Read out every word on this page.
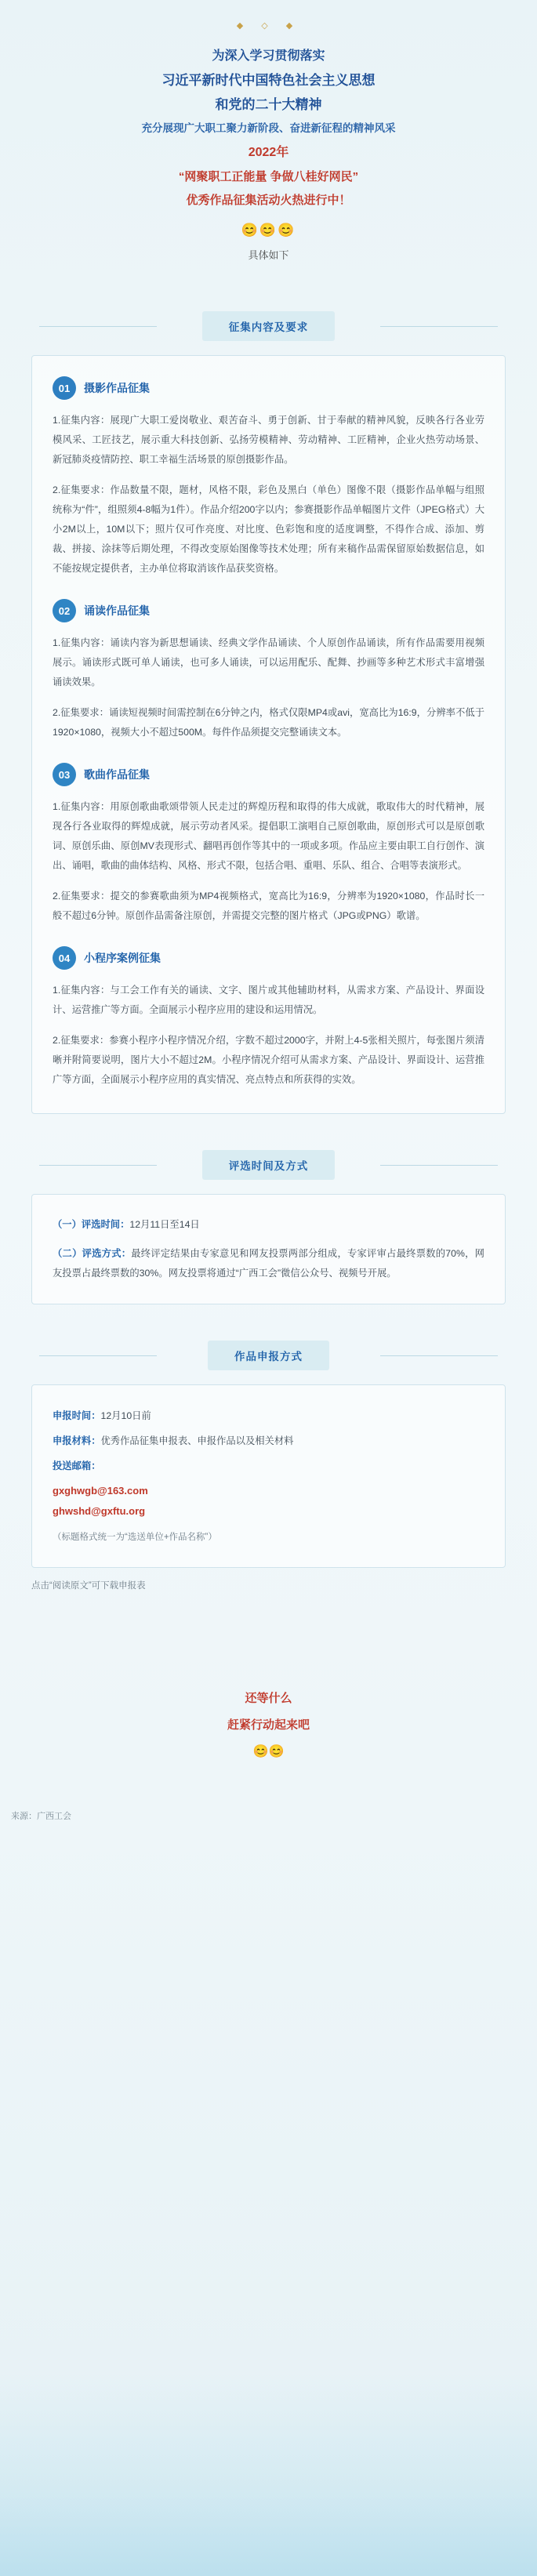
◆ ◇ ◆
为深入学习贯彻落实
习近平新时代中国特色社会主义思想
和党的二十大精神
充分展现广大职工聚力新阶段、奋进新征程的精神风采
2022年
“网聚职工正能量 争做八桂好网民”
优秀作品征集活动火热进行中！
😊😊😊
具体如下
征集内容及要求
01	摄影作品征集
1.征集内容：展现广大职工爱岗敬业、艰苦奋斗、勇于创新、甘于奉献的精神风貌，反映各行各业劳模风采、工匠技艺，展示重大科技创新、弘扬劳模精神、劳动精神、工匠精神，企业火热劳动场景、新冠肺炎疫情防控、职工幸福生活场景的原创摄影作品。
2.征集要求：作品数量不限，题材，风格不限，彩色及黑白（单色）图像不限（摄影作品单幅与组照统称为“件”，组照须4-8幅为1件）。作品介绍200字以内；参赛摄影作品单幅图片文件（JPEG格式）大小2M以上，10M以下；照片仅可作亮度、对比度、色彩饱和度的适度调整，不得作合成、添加、剪裁、拼接、涂抹等后期处理，不得改变原始图像等技术处理；所有来稿作品需保留原始数据信息，如不能按规定提供者，主办单位将取消该作品获奖资格。
02	诵读作品征集
1.征集内容：诵读内容为新思想诵读、经典文学作品诵读、个人原创作品诵读，所有作品需要用视频展示。诵读形式既可单人诵读，也可多人诵读，可以运用配乐、配舞、抄画等多种艺术形式丰富增强诵读效果。
2.征集要求：诵读短视频时间需控制在6分钟之内，格式仅限MP4或avi，宽高比为16:9，分辨率不低于1920×1080，视频大小不超过500M。每件作品须提交完整诵读文本。
03	歌曲作品征集
1.征集内容：用原创歌曲歌颂带领人民走过的辉煌历程和取得的伟大成就，歌取伟大的时代精神，展现各行各业取得的辉煌成就，展示劳动者风采。提倡职工演唱自己原创歌曲，原创形式可以是原创歌词、原创乐曲、原创MV表现形式、翻唱再创作等其中的一项或多项。作品应主要由职工自行创作、演出、诵唱，歌曲的曲体结构、风格、形式不限，包括合唱、重唱、乐队、组合、合唱等表演形式。
2.征集要求：提交的参赛歌曲须为MP4视频格式，宽高比为16:9，分辨率为1920×1080，作品时长一般不超过6分钟。原创作品需备注原创，并需提交完整的图片格式（JPG或PNG）歌谱。
04	小程序案例征集
1.征集内容：与工会工作有关的诵读、文字、图片或其他辅助材料，从需求方案、产品设计、界面设计、运营推广等方面。全面展示小程序应用的建设和运用情况。
2.征集要求：参赛小程序小程序情况介绍，字数不超过2000字，并附上4-5张相关照片，每张图片须清晰并附简要说明，图片大小不超过2M。小程序情况介绍可从需求方案、产品设计、界面设计、运营推广等方面，全面展示小程序应用的真实情况、亮点特点和所获得的实效。
评选时间及方式
（一）评选时间：12月11日至14日
（二）评选方式：最终评定结果由专家意见和网友投票两部分组成，专家评审占最终票数的70%，网友投票占最终票数的30%。网友投票将通过“广西工会”微信公众号、视频号开展。
作品申报方式
申报时间：12月10日前
申报材料：优秀作品征集申报表、申报作品以及相关材料
投送邮箱：
gxghwgb@163.com
ghwshd@gxftu.org
（标题格式统一为“选送单位+作品名称”）
点击“阅读原文”可下载申报表
还等什么
赶紧行动起来吧
😊😊
来源：广西工会
